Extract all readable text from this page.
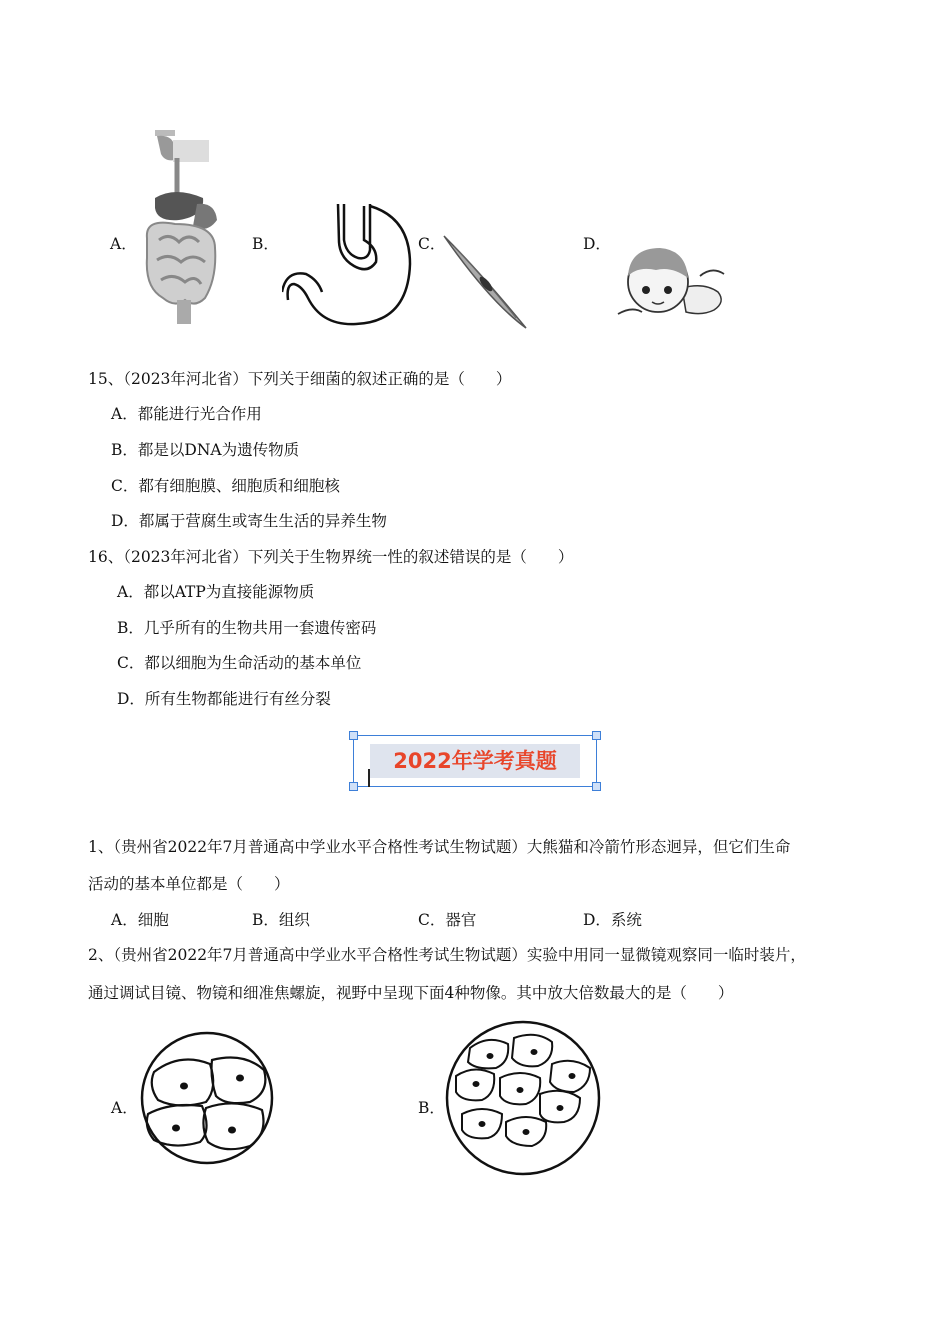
A．	B．	C．	D．
15、（2023年河北省）下列关于细菌的叙述正确的是（　　）
A．都能进行光合作用
B．都是以DNA为遗传物质
C．都有细胞膜、细胞质和细胞核
D．都属于营腐生或寄生生活的异养生物
16、（2023年河北省）下列关于生物界统一性的叙述错误的是（　　）
A．都以ATP为直接能源物质
B．几乎所有的生物共用一套遗传密码
C．都以细胞为生命活动的基本单位
D．所有生物都能进行有丝分裂
2022年学考真题
1、（贵州省2022年7月普通高中学业水平合格性考试生物试题）大熊猫和冷箭竹形态迥异，但它们生命
活动的基本单位都是（　　）
A．细胞	B．组织	C．器官	D．系统
2、（贵州省2022年7月普通高中学业水平合格性考试生物试题）实验中用同一显微镜观察同一临时装片，
通过调试目镜、物镜和细准焦螺旋，视野中呈现下面4种物像。其中放大倍数最大的是（　　）
A．	B．
